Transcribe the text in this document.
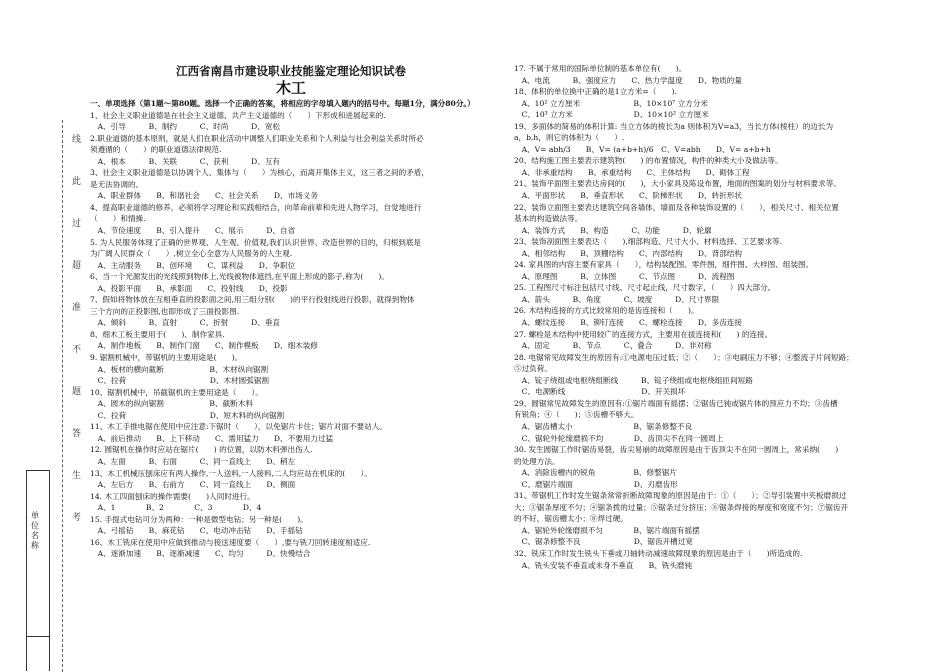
线
此
过
超
准
不
题
答
生
考
单位名称

江西省南昌市建设职业技能鉴定理论知识试卷

木工

一、单项选择（第1题～第80题。选择一个正确的答案，将相应的字母填入题内的括号中。每题1分，满分80分。）

1、社会主义职业道德是在社会主义道德、共产主义道德的（　　）下形成和进展起来的.

　A、引导　　　B、制约　　　C、时尚　　　D、宽松

2.职业道德的基本原则，就是人们在职业活动中调整人们职业关系和个人利益与社会利益关系时所必

须遵循的（　　）的职业道德法律规范.

　A、根本　　　B、关联　　　C、获利　　　D、互有

3、社会主义职业道德是以协调个人、集体与（　　）为核心，而离开集体主义，这三者之间的矛盾，

是无法协调的。

　A、职业群体　　B、和谐社会　　C、社会关系　　D、市场义务

4、提高职业道德的修养，必须将学习理论和实践相结合，向革命前辈和先进人物学习，自觉地进行

（　　）和情操.

　A、节俭速度　　B、引入提升　　C、展示　　　D、自省

5. 为人民服务体现了正确的世界观、人生观、价值观,我们认识世界、改造世界的目的，归根到底是

为广阔人民群众（　　）,树立全心全意为人民服务的人生观.

　A、主动服务　　B、创环境　　C、谋利益　　D、争职位

6、当一个光源发出的光线照到物体上,光线被物体遮挡,在平面上形成的影子,称为(　　)。

　A、投影平面　　B、承影面　　C、投射线　　D、投影

7、假如将物体放在互相垂直的投影面之间,用三组分别(　　)的平行投射线进行投影，就得到物体

三个方向的正投影图,也即形成了三面投影图.

　A、倾斜　　　B、直射　　　C、折射　　　D、垂直

8、细木工板主要用于(　　)、制作家具.

　A、制作地板　　B、制作门窗　　C、制作模板　　D、细木装修

9. 锯割机械中，带锯机的主要用途是(　　)。

　A、板材的横向截断　　　　　　B、木材纵向锯割

　C、拉荷　　　　　　　　　　　D、木材圆弧锯割

10、锯割机械中，吊截锯机的主要用途是（　　）。

　A、圆木的纵向锯割　　　　　　B、截断木料

　C、拉荷　　　　　　　　　　　D、短木料的纵向锯割

11、木工手推电锯在使用中应注意:下锯时（　　），以免锯片卡住；锯片对面不要站人。

　A、前后推动　　B、上下移动　　C、需用猛力　　D、不要用力过猛

12. 圆锯机在操作时应站在锯片(　　) 的位置，以防木料弹出伤人.

　A、左面　　　B、右面　　　C、同一直线上　　D、稍左

13、木工机械压刨床应有两人操作,一人送料,一人接料,二人均应站在机床的(　　）。

　A、左后方　　B、右前方　　C、同一直线上　　D、侧面

14. 木工四面刨床的操作需要(　　)人同时进行。

　A、1　　　　B、2　　　　C、3　　　　D、4

15. 手提式电钻可分为两种：一种是微型电钻；另一种是(　　)。

　A、弓摇钻　　B、麻花钻　　C、电动冲击钻　　D、手摇钻

16、木工铣床在使用中应做到推动与接送速度要（　　）,要与铣刀回转速度相适应.

　A、逐渐加速　　B、逐渐减速　　C、均匀　　　D、快慢结合

17. 不属于常用的国际单位制的基本单位有(　　)。

　A、电流　　　B、强度应力　　C、热力学温度　　D、物质的量

18、体积的单位换中正确的是1立方米=（　　).

　A、10² 立方厘米　　　　　　　B、10×10⁷ 立方分米

　C、10³ 立方米　　　　　　　　D、10×10² 立方厘米

19、多面体的简易的体积计算: 当立方体的棱长为a 则体积为V=a3，当长方体(棱柱）的边长为

a，b,h，则它的体积为（　　）.

　A、V= abh/3　　B、V= (a+b+h)/6　C、V=abh　　D、V= a+b+h

20、结构施工图主要表示建筑物(　　) 的布置情况，构件的种类大小及做法等。

　A、非承重结构　　B、承重结构　　C、主体结构　　D、砌体工程

21、装饰平面图主要表达房间的(　　)，大小家具及陈设布置，地面的图案的划分与材料要求等。

　A、平面形状　　B、垂直形状　　C、阶梯形状　　D、转折形状

22、装饰立面图主要表达建筑空间各墙体，墙面及各种装饰设置的（　　），相关尺寸、相关位置

基本的构造做法等。

　A、装饰方式　　B、构造　　　C、功能　　　D、轮廓

23、装饰剖面图主要表达（　　),细部构造、尺寸大小、材料选择、工艺要求等.

　A、相邻结构　　B、顶棚结构　　C、内部结构　　D、背部结构

24. 家具图的内容主要有家具（　　），结构装配图、零件图，细件图、大样图、组装图。

　A、原理图　　　B、立体图　　　C、节点图　　　D、流程图

25. 工程图尺寸标注包括尺寸线、尺寸起止线，尺寸数字，（　　）四大部分。

　A、箭头　　　B、角度　　　C、坡度　　　D、尺寸界限

26. 木结构连接的方式比较常用的是齿连接和（　　)。

　A、螺纹连接　　B、铆钉连接　　C、螺栓连接　　D、多齿连接

27. 螺栓是木结构中使用较广的连接方式，主要用在拔连接和(　　) 的连接。

　A、固定　　　B、节点　　　C、叠合　　　D、非对称

28. 电锯常见故障发生的原因有:①电源电压过低；②（　　）；③电刷压力不够；④整流子片间短路；

⑤过负荷。

　A、锭子绕组或电枢绕组断线　　　B、锭子绕组或电枢绕组匝间短路

　C、电源断线　　　　　　　　　　D、开关损坏

29、圆锯常见故障发生的原因有:①锯片端面有摇摆；②锯齿已钝或锯片体的预应力不均；③齿槽

有锐角；④（　　)；⑤齿槽不够大。

　A、锯齿槽太小　　　　　　　　B、锯条修整不良

　C、锯轮外轮缘磨损不均　　　　D、齿顶尖不在同一圆周上

30. 发生圆锯工作时锯齿易裂，齿尖易崩的故障原因是由于齿顶尖不在同一圆周上，常采纳(　　)

的处理方法。

　A、消除齿槽内的锐角　　　　　B、修整锯片

　C、磨锯片端面　　　　　　　　D、刃磨齿形

31、带锯机工作时发生锯条常常折断故障现象的原因是由于：①（　　）；②导引装置中夹板磨损过

大；③锯条厚度不匀；④锯条拨的过量；⑤锯条过分挤压；⑥锯条焊接的厚度和宽度不匀；⑦锯齿开

的不好，锯齿槽太小；⑧焊过硬。

　A、锯轮外轮缘磨损不匀　　　　B、锯片端面有摇摆

　C、锯条修整不良　　　　　　　D、锯齿开槽过宽

32、铣床工作时发生铣头下垂或刀轴转动减速故障现象的原因是由于（　　)所造成的.

　A、铣头安装不垂直或未身不垂直　　B、铣头磨钝
